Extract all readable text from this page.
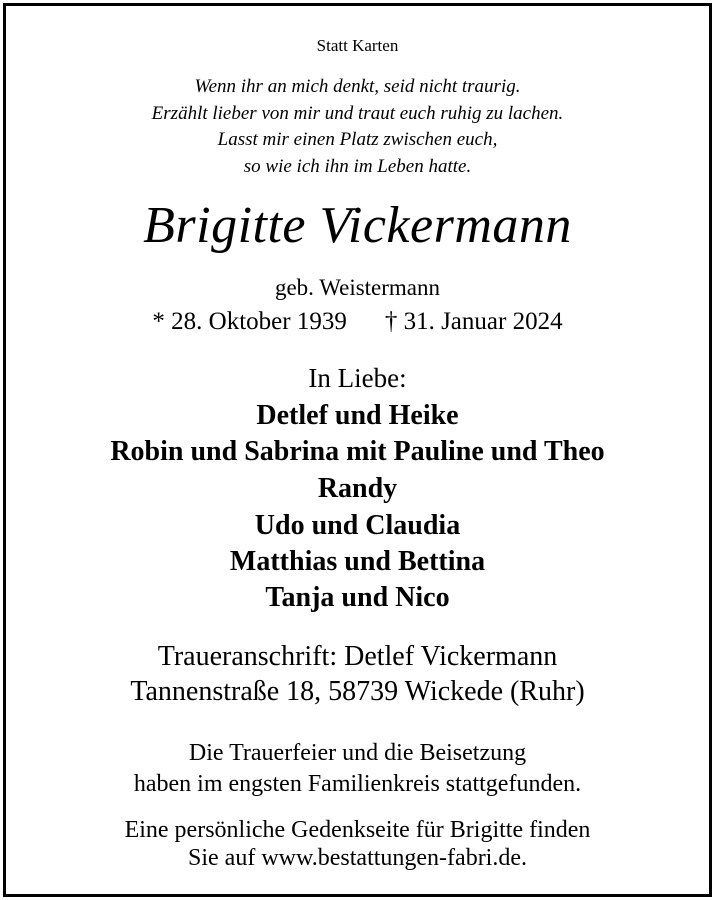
Statt Karten
Wenn ihr an mich denkt, seid nicht traurig.
Erzählt lieber von mir und traut euch ruhig zu lachen.
Lasst mir einen Platz zwischen euch,
so wie ich ihn im Leben hatte.
Brigitte Vickermann
geb. Weistermann
* 28. Oktober 1939 † 31. Januar 2024
In Liebe:
Detlef und Heike
Robin und Sabrina mit Pauline und Theo
Randy
Udo und Claudia
Matthias und Bettina
Tanja und Nico
Traueranschrift: Detlef Vickermann
Tannenstraße 18, 58739 Wickede (Ruhr)
Die Trauerfeier und die Beisetzung
haben im engsten Familienkreis stattgefunden.
Eine persönliche Gedenkseite für Brigitte finden
Sie auf www.bestattungen-fabri.de.
